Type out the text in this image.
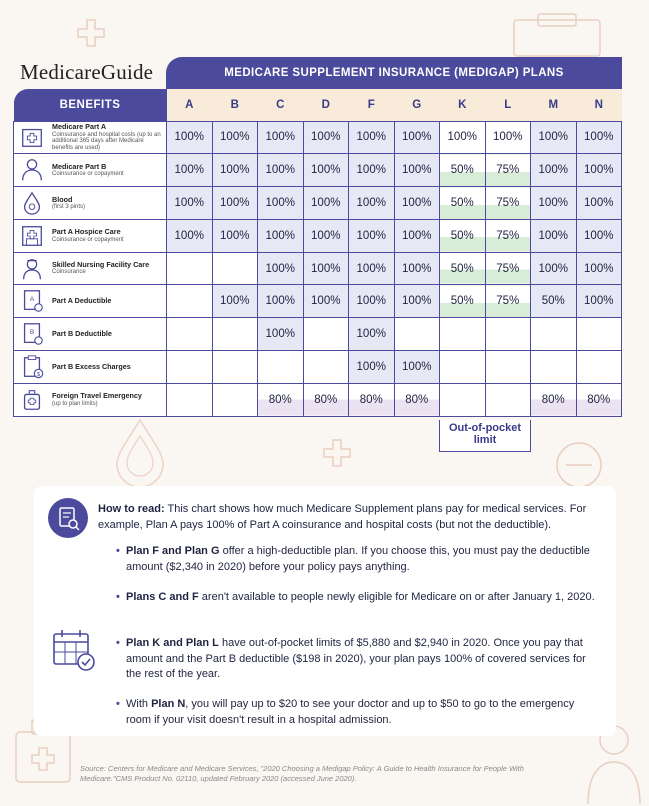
MedicareGuide	MEDICARE SUPPLEMENT INSURANCE (MEDIGAP) PLANS
BENEFITS	A	B	C	D	F	G	K	L	M	N

Medicare Part A
Coinsurance and hospital costs (up to an additional 365 days after Medicare benefits are used)	100%	100%	100%	100%	100%	100%	100%	100%	100%	100%

Medicare Part B
Coinsurance or copayment	100%	100%	100%	100%	100%	100%	50%	75%	100%	100%

Blood
(first 3 pints)	100%	100%	100%	100%	100%	100%	50%	75%	100%	100%

Part A Hospice Care
Coinsurance or copayment	100%	100%	100%	100%	100%	100%	50%	75%	100%	100%

Skilled Nursing Facility Care
Coinsurance			100%	100%	100%	100%	50%	75%	100%	100%

A Part A Deductible		100%	100%	100%	100%	100%	50%	75%	50%	100%

B Part B Deductible			100%		100%					

$
Part B Excess Charges					100%	100%				

Foreign Travel Emergency
(up to plan limits)			80%	80%	80%	80%			80%	80%
Out-of-pocket limit
How to read: This chart shows how much Medicare Supplement plans pay for medical services. For example, Plan A pays 100% of Part A coinsurance and hospital costs (but not the deductible).
• Plan F and Plan G offer a high-deductible plan. If you choose this, you must pay the deductible amount ($2,340 in 2020) before your policy pays anything.
• Plans C and F aren't available to people newly eligible for Medicare on or after January 1, 2020.
• Plan K and Plan L have out-of-pocket limits of $5,880 and $2,940 in 2020. Once you pay that amount and the Part B deductible ($198 in 2020), your plan pays 100% of covered services for the rest of the year.
• With Plan N, you will pay up to $20 to see your doctor and up to $50 to go to the emergency room if your visit doesn't result in a hospital admission.
Source: Centers for Medicare and Medicare Services, "2020 Choosing a Medigap Policy: A Guide to Health Insurance for People With Medicare."CMS Product No. 02110, updated February 2020 (accessed June 2020).
